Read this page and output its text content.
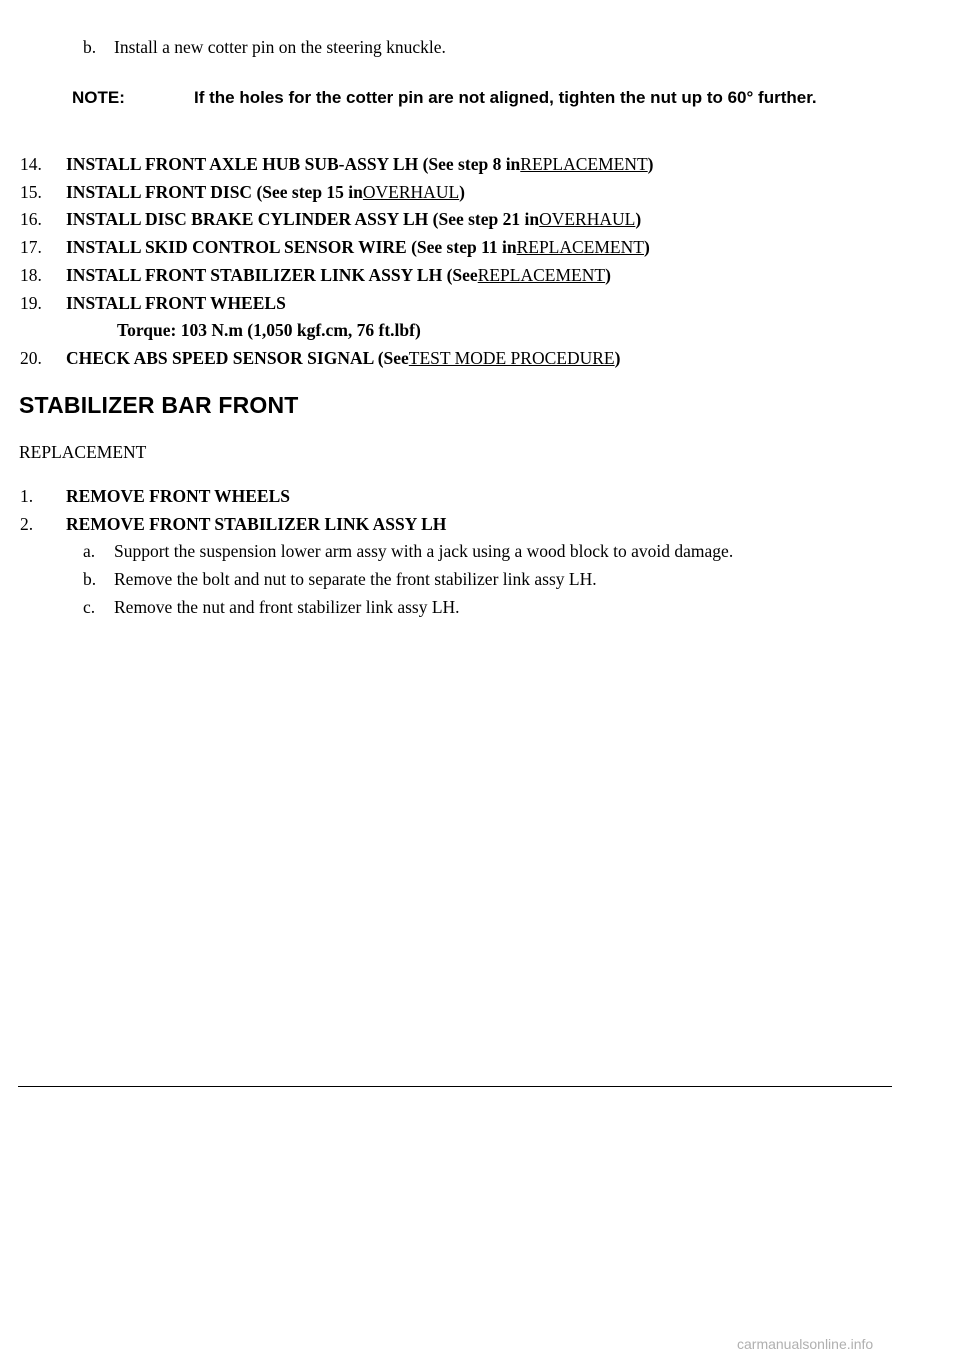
b.	Install a new cotter pin on the steering knuckle.
NOTE:	If the holes for the cotter pin are not aligned, tighten the nut up to 60° further.
14.	INSTALL FRONT AXLE HUB SUB-ASSY LH (See step 8 in REPLACEMENT )
15.	INSTALL FRONT DISC (See step 15 in OVERHAUL )
16.	INSTALL DISC BRAKE CYLINDER ASSY LH (See step 21 in OVERHAUL )
17.	INSTALL SKID CONTROL SENSOR WIRE (See step 11 in REPLACEMENT )
18.	INSTALL FRONT STABILIZER LINK ASSY LH (See REPLACEMENT )
19.	INSTALL FRONT WHEELS
Torque: 103 N.m (1,050 kgf.cm, 76 ft.lbf)
20.	CHECK ABS SPEED SENSOR SIGNAL (See TEST MODE PROCEDURE )
STABILIZER BAR FRONT
REPLACEMENT
1.	REMOVE FRONT WHEELS
2.	REMOVE FRONT STABILIZER LINK ASSY LH
a.	Support the suspension lower arm assy with a jack using a wood block to avoid damage.
b.	Remove the bolt and nut to separate the front stabilizer link assy LH.
c.	Remove the nut and front stabilizer link assy LH.
carmanualsonline.info
